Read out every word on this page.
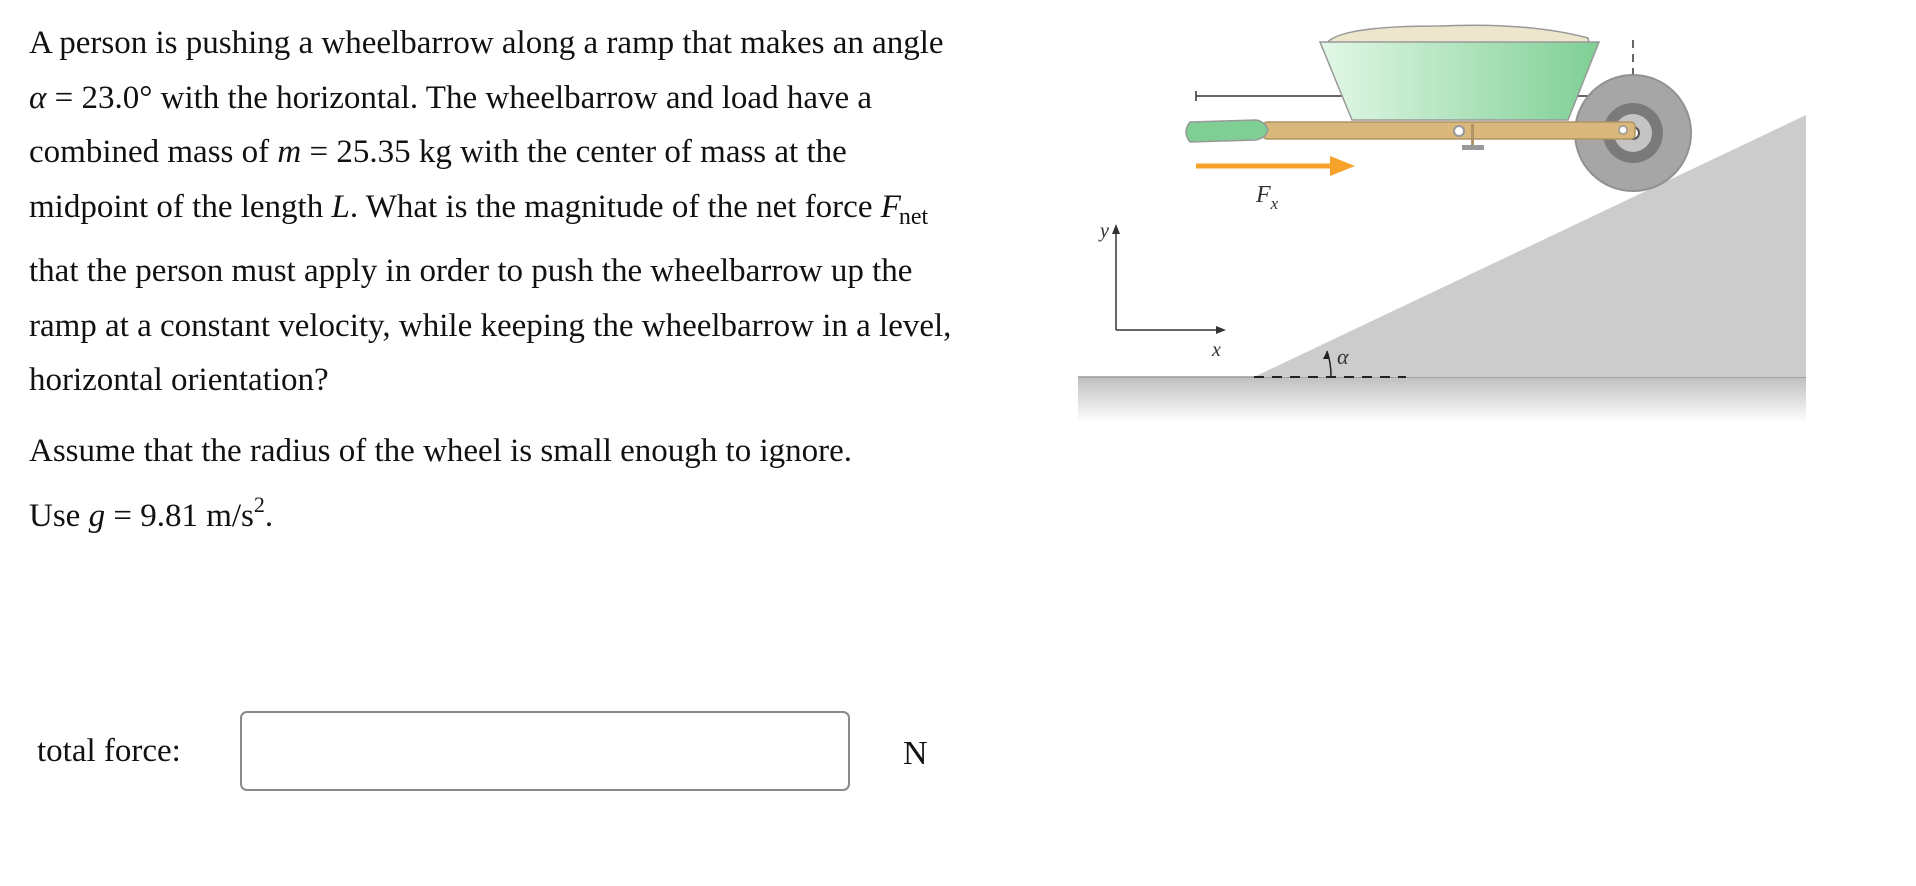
A person is pushing a wheelbarrow along a ramp that makes an angle α = 23.0° with the horizontal. The wheelbarrow and load have a combined mass of m = 25.35 kg with the center of mass at the midpoint of the length L. What is the magnitude of the net force $F_{net}$ that the person must apply in order to push the wheelbarrow up the ramp at a constant velocity, while keeping the wheelbarrow in a level, horizontal orientation?

Assume that the radius of the wheel is small enough to ignore.
Use g = 9.81 $m/s^2$.

α
y
x
$F_x$
total force:	N
